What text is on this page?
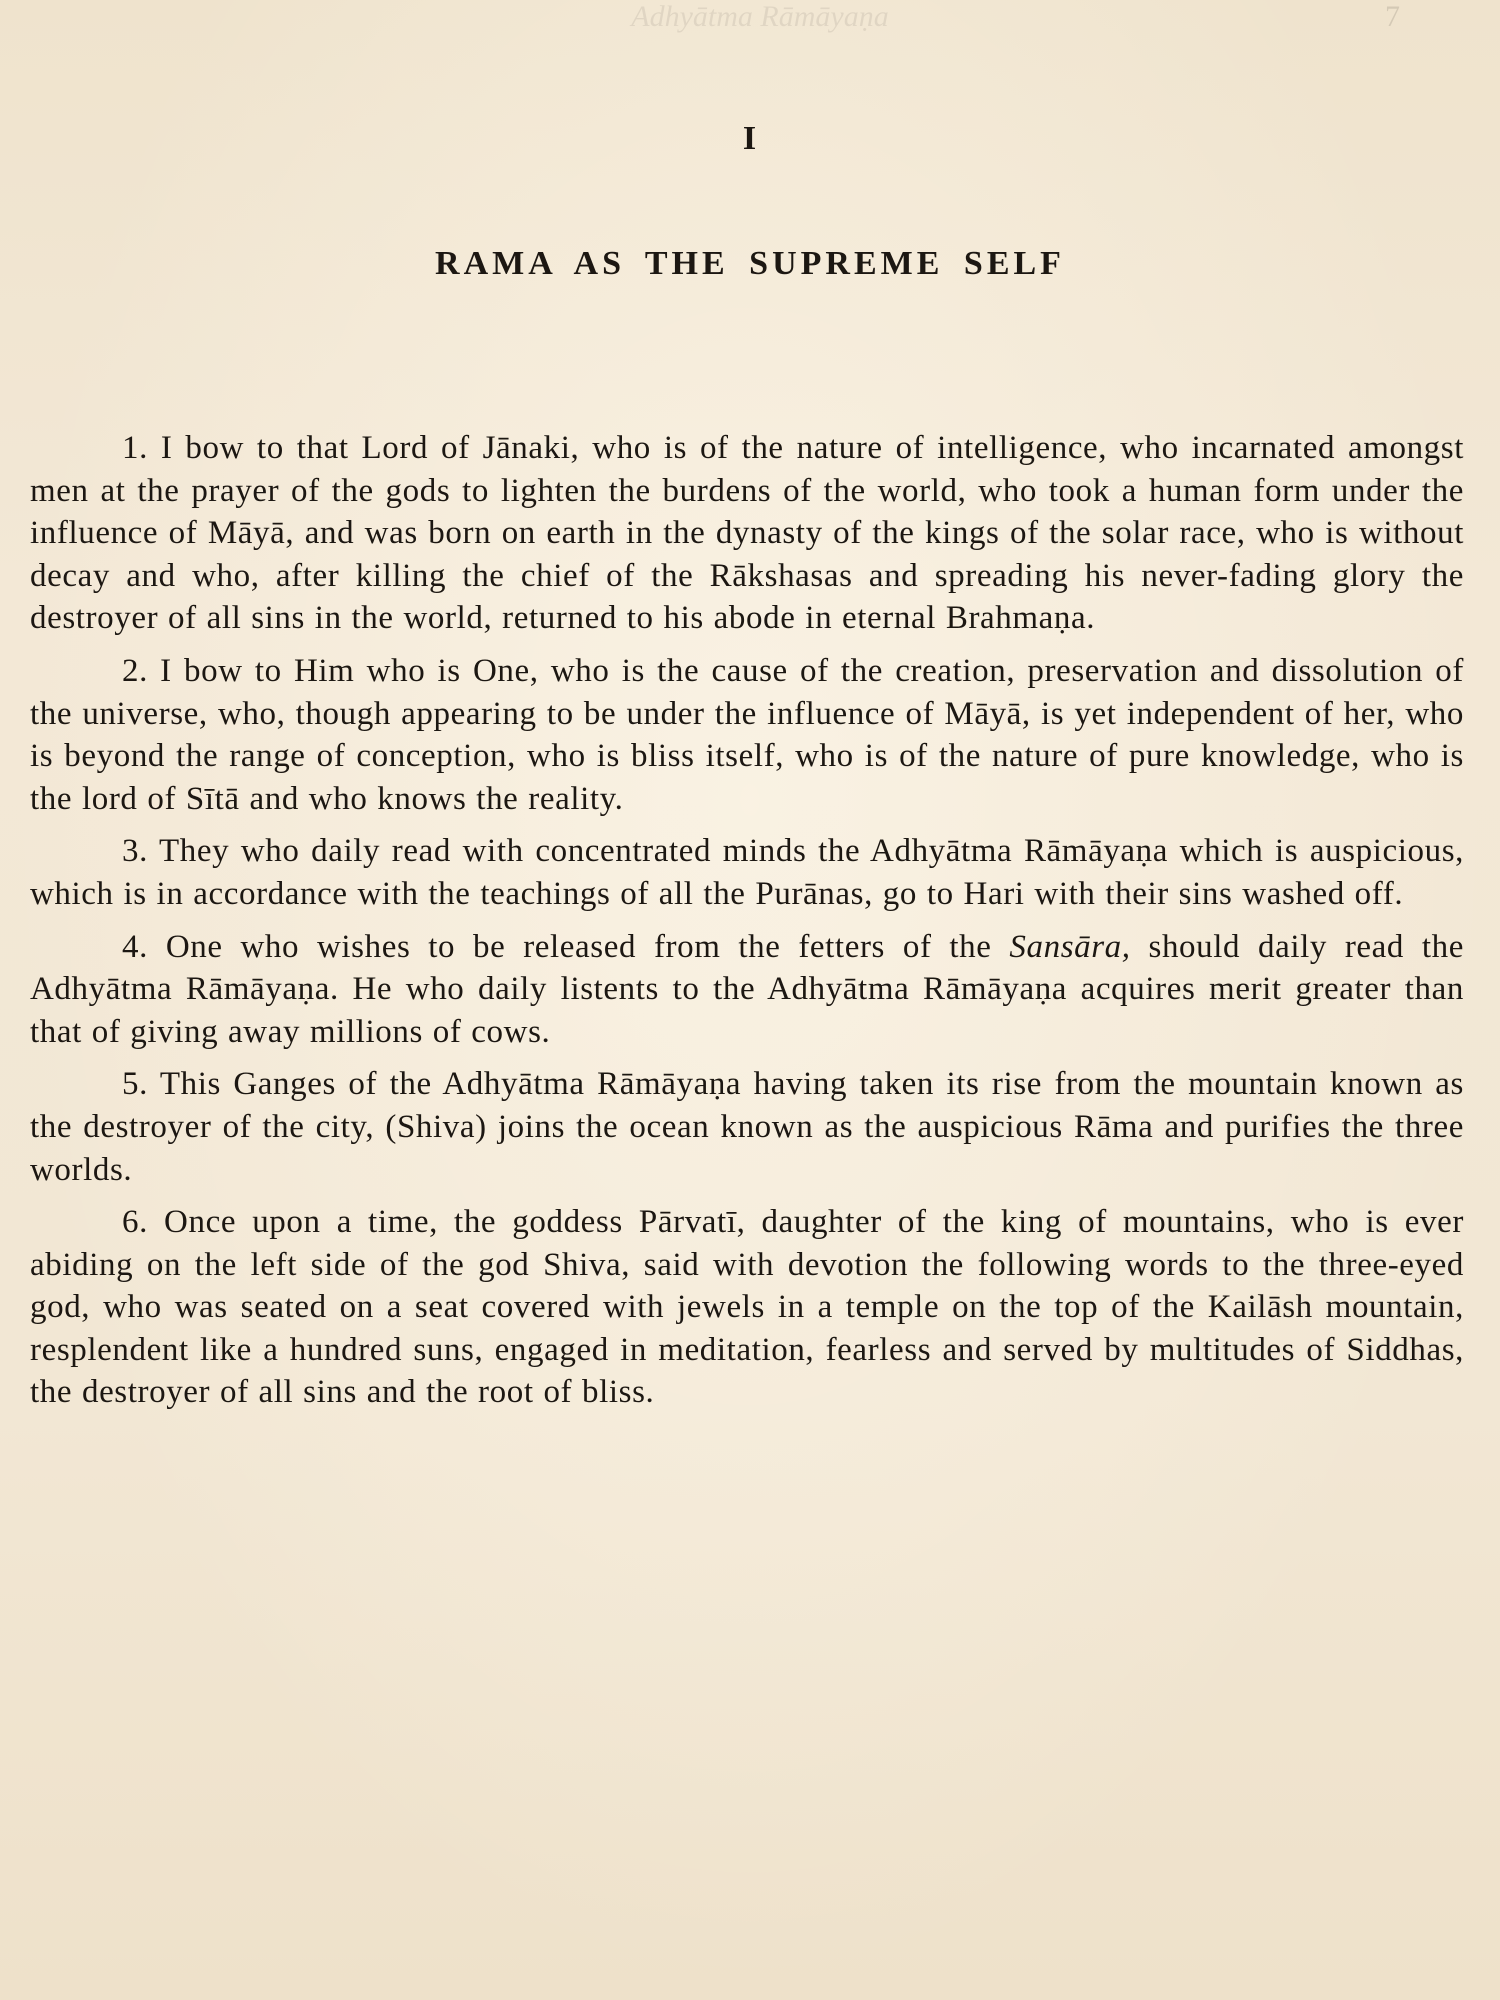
Adhyātma Rāmāyaṇa	7
I
RAMA AS THE SUPREME SELF

1. I bow to that Lord of Jānaki, who is of the nature of intelligence, who incarnated amongst men at the prayer of the gods to lighten the burdens of the world, who took a human form under the influence of Māyā, and was born on earth in the dynasty of the kings of the solar race, who is without decay and who, after killing the chief of the Rākshasas and spreading his never-fading glory the destroyer of all sins in the world, returned to his abode in eternal Brahmaṇa.

2. I bow to Him who is One, who is the cause of the creation, preservation and dissolution of the universe, who, though appearing to be under the influence of Māyā, is yet independent of her, who is beyond the range of conception, who is bliss itself, who is of the nature of pure knowledge, who is the lord of Sītā and who knows the reality.

3. They who daily read with concentrated minds the Adhyātma Rāmāyaṇa which is auspicious, which is in accordance with the teachings of all the Purānas, go to Hari with their sins washed off.

4. One who wishes to be released from the fetters of the Sansāra, should daily read the Adhyātma Rāmāyaṇa. He who daily listents to the Adhyātma Rāmāyaṇa acquires merit greater than that of giving away millions of cows.

5. This Ganges of the Adhyātma Rāmāyaṇa having taken its rise from the mountain known as the destroyer of the city, (Shiva) joins the ocean known as the auspicious Rāma and purifies the three worlds.

6. Once upon a time, the goddess Pārvatī, daughter of the king of mountains, who is ever abiding on the left side of the god Shiva, said with devotion the following words to the three-eyed god, who was seated on a seat covered with jewels in a temple on the top of the Kailāsh mountain, resplendent like a hundred suns, engaged in meditation, fearless and served by multitudes of Siddhas, the destroyer of all sins and the root of bliss.
